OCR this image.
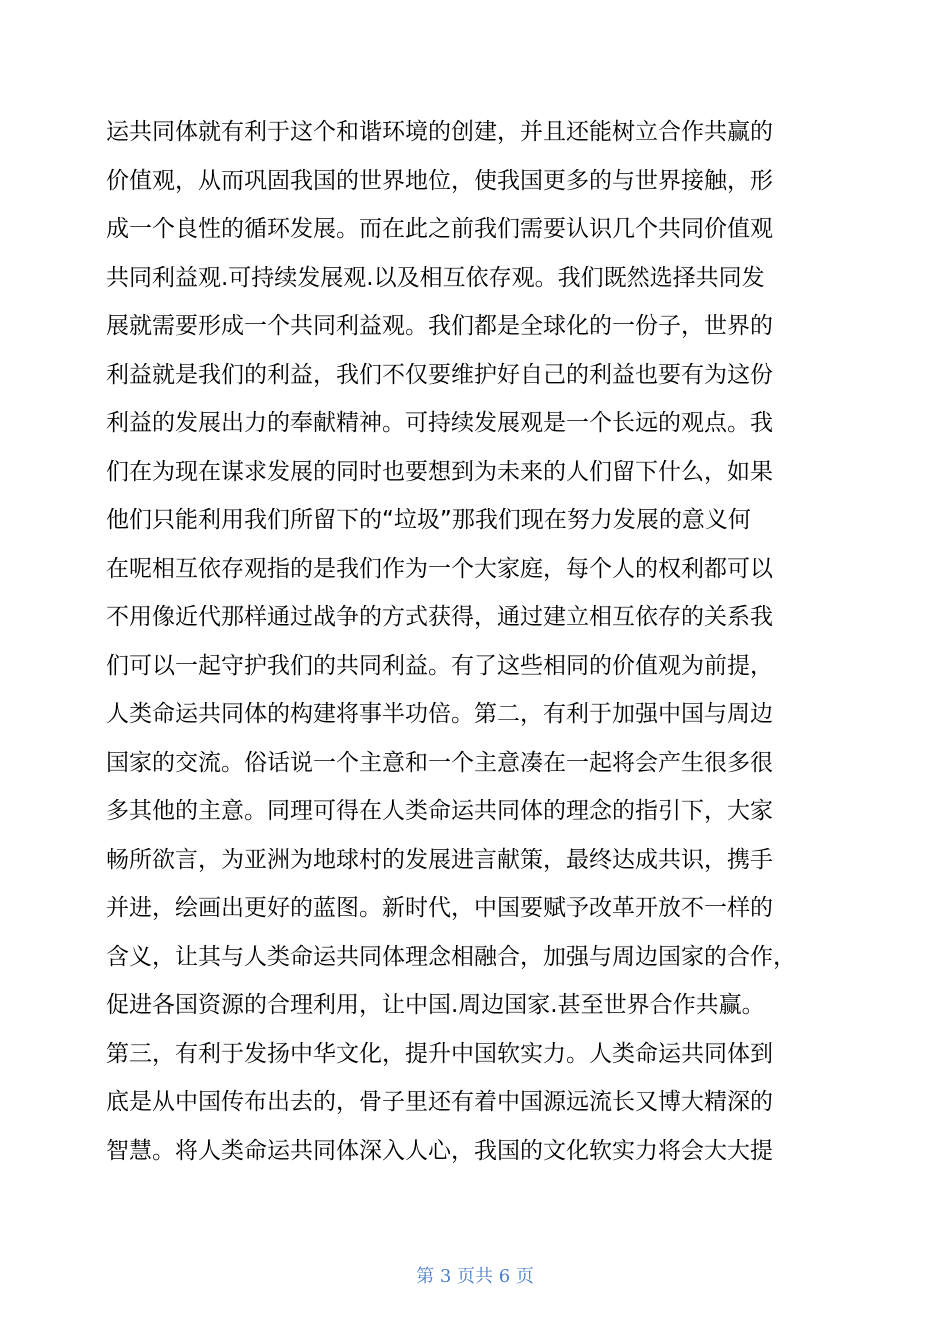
运共同体就有利于这个和谐环境的创建，并且还能树立合作共赢的
价值观，从而巩固我国的世界地位，使我国更多的与世界接触，形
成一个良性的循环发展。而在此之前我们需要认识几个共同价值观
共同利益观.可持续发展观.以及相互依存观。我们既然选择共同发
展就需要形成一个共同利益观。我们都是全球化的一份子，世界的
利益就是我们的利益，我们不仅要维护好自己的利益也要有为这份
利益的发展出力的奉献精神。可持续发展观是一个长远的观点。我
们在为现在谋求发展的同时也要想到为未来的人们留下什么，如果
他们只能利用我们所留下的“垃圾”那我们现在努力发展的意义何
在呢相互依存观指的是我们作为一个大家庭，每个人的权利都可以
不用像近代那样通过战争的方式获得，通过建立相互依存的关系我
们可以一起守护我们的共同利益。有了这些相同的价值观为前提，
人类命运共同体的构建将事半功倍。第二，有利于加强中国与周边
国家的交流。俗话说一个主意和一个主意凑在一起将会产生很多很
多其他的主意。同理可得在人类命运共同体的理念的指引下，大家
畅所欲言，为亚洲为地球村的发展进言献策，最终达成共识，携手
并进，绘画出更好的蓝图。新时代，中国要赋予改革开放不一样的
含义，让其与人类命运共同体理念相融合，加强与周边国家的合作，
促进各国资源的合理利用，让中国.周边国家.甚至世界合作共赢。
第三，有利于发扬中华文化，提升中国软实力。人类命运共同体到
底是从中国传布出去的，骨子里还有着中国源远流长又博大精深的
智慧。将人类命运共同体深入人心，我国的文化软实力将会大大提
第 3 页共 6 页
